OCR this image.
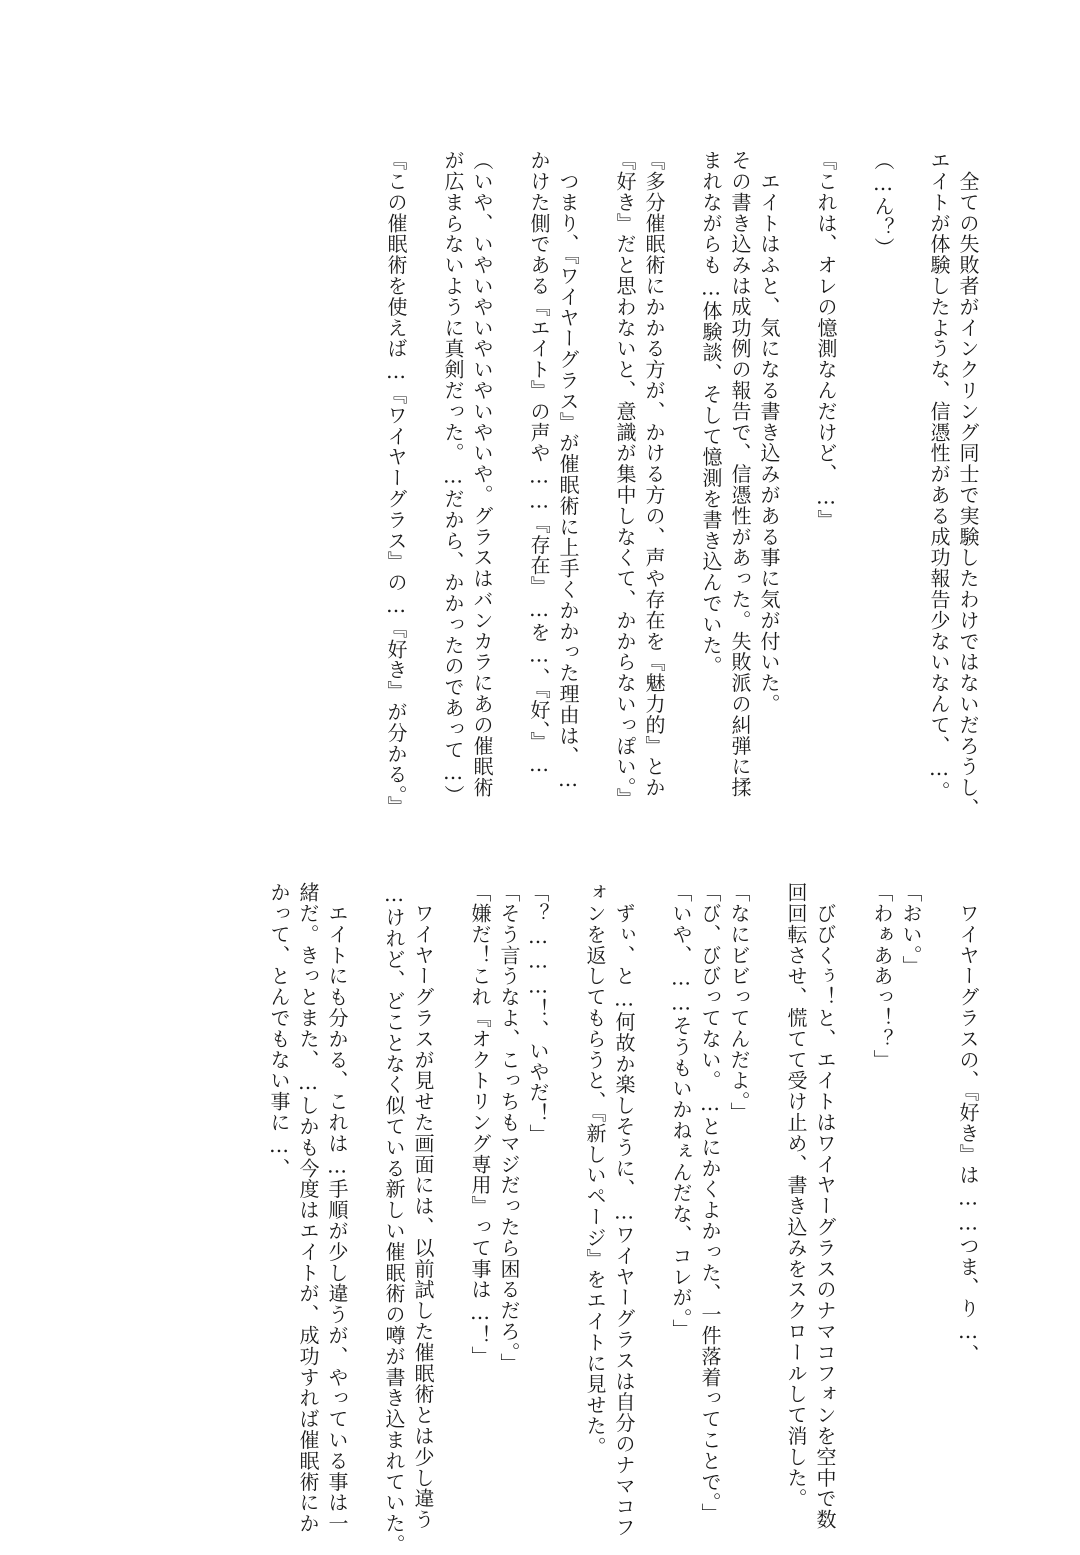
　全ての失敗者がインクリング同士で実験したわけではないだろうし、
エイトが体験したような、信憑性がある成功報告少ないなんて、…。
（…ん？）
『これは、オレの憶測なんだけど、…』
　エイトはふと、気になる書き込みがある事に気が付いた。
その書き込みは成功例の報告で、信憑性があった。失敗派の糾弾に揉
まれながらも…体験談、そして憶測を書き込んでいた。
『多分催眠術にかかる方が、かける方の、声や存在を『魅力的』とか
『好き』だと思わないと、意識が集中しなくて、かからないっぽい。』
　つまり、『ワイヤーグラス』が催眠術に上手くかかった理由は、…
かけた側である『エイト』の声や……『存在』…を…、『好、』…
（いや、いやいやいやいやいやいや。グラスはバンカラにあの催眠術
が広まらないように真剣だった。…だから、かかったのであって…）
『この催眠術を使えば…『ワイヤーグラス』の…『好き』が分かる。』
　ワイヤーグラスの、『好き』は……つま、り…、
「おい。」
「わぁああっ！？」
　びびくぅ！と、エイトはワイヤーグラスのナマコフォンを空中で数
回回転させ、慌てて受け止め、書き込みをスクロールして消した。
「なにビビってんだよ。」
「び、びびってない。…とにかくよかった、一件落着ってことで。」
「いや、……そうもいかねぇんだな、コレが。」
　ずぃ、と…何故か楽しそうに、…ワイヤーグラスは自分のナマコフ
ォンを返してもらうと、『新しいページ』をエイトに見せた。
「？………！、いやだ！」
「そう言うなよ、こっちもマジだったら困るだろ。」
「嫌だ！これ『オクトリング専用』って事は…！」
　ワイヤーグラスが見せた画面には、以前試した催眠術とは少し違う
…けれど、どことなく似ている新しい催眠術の噂が書き込まれていた。
　エイトにも分かる、これは…手順が少し違うが、やっている事は一
緒だ。きっとまた、…しかも今度はエイトが、成功すれば催眠術にか
かって、とんでもない事に…、
